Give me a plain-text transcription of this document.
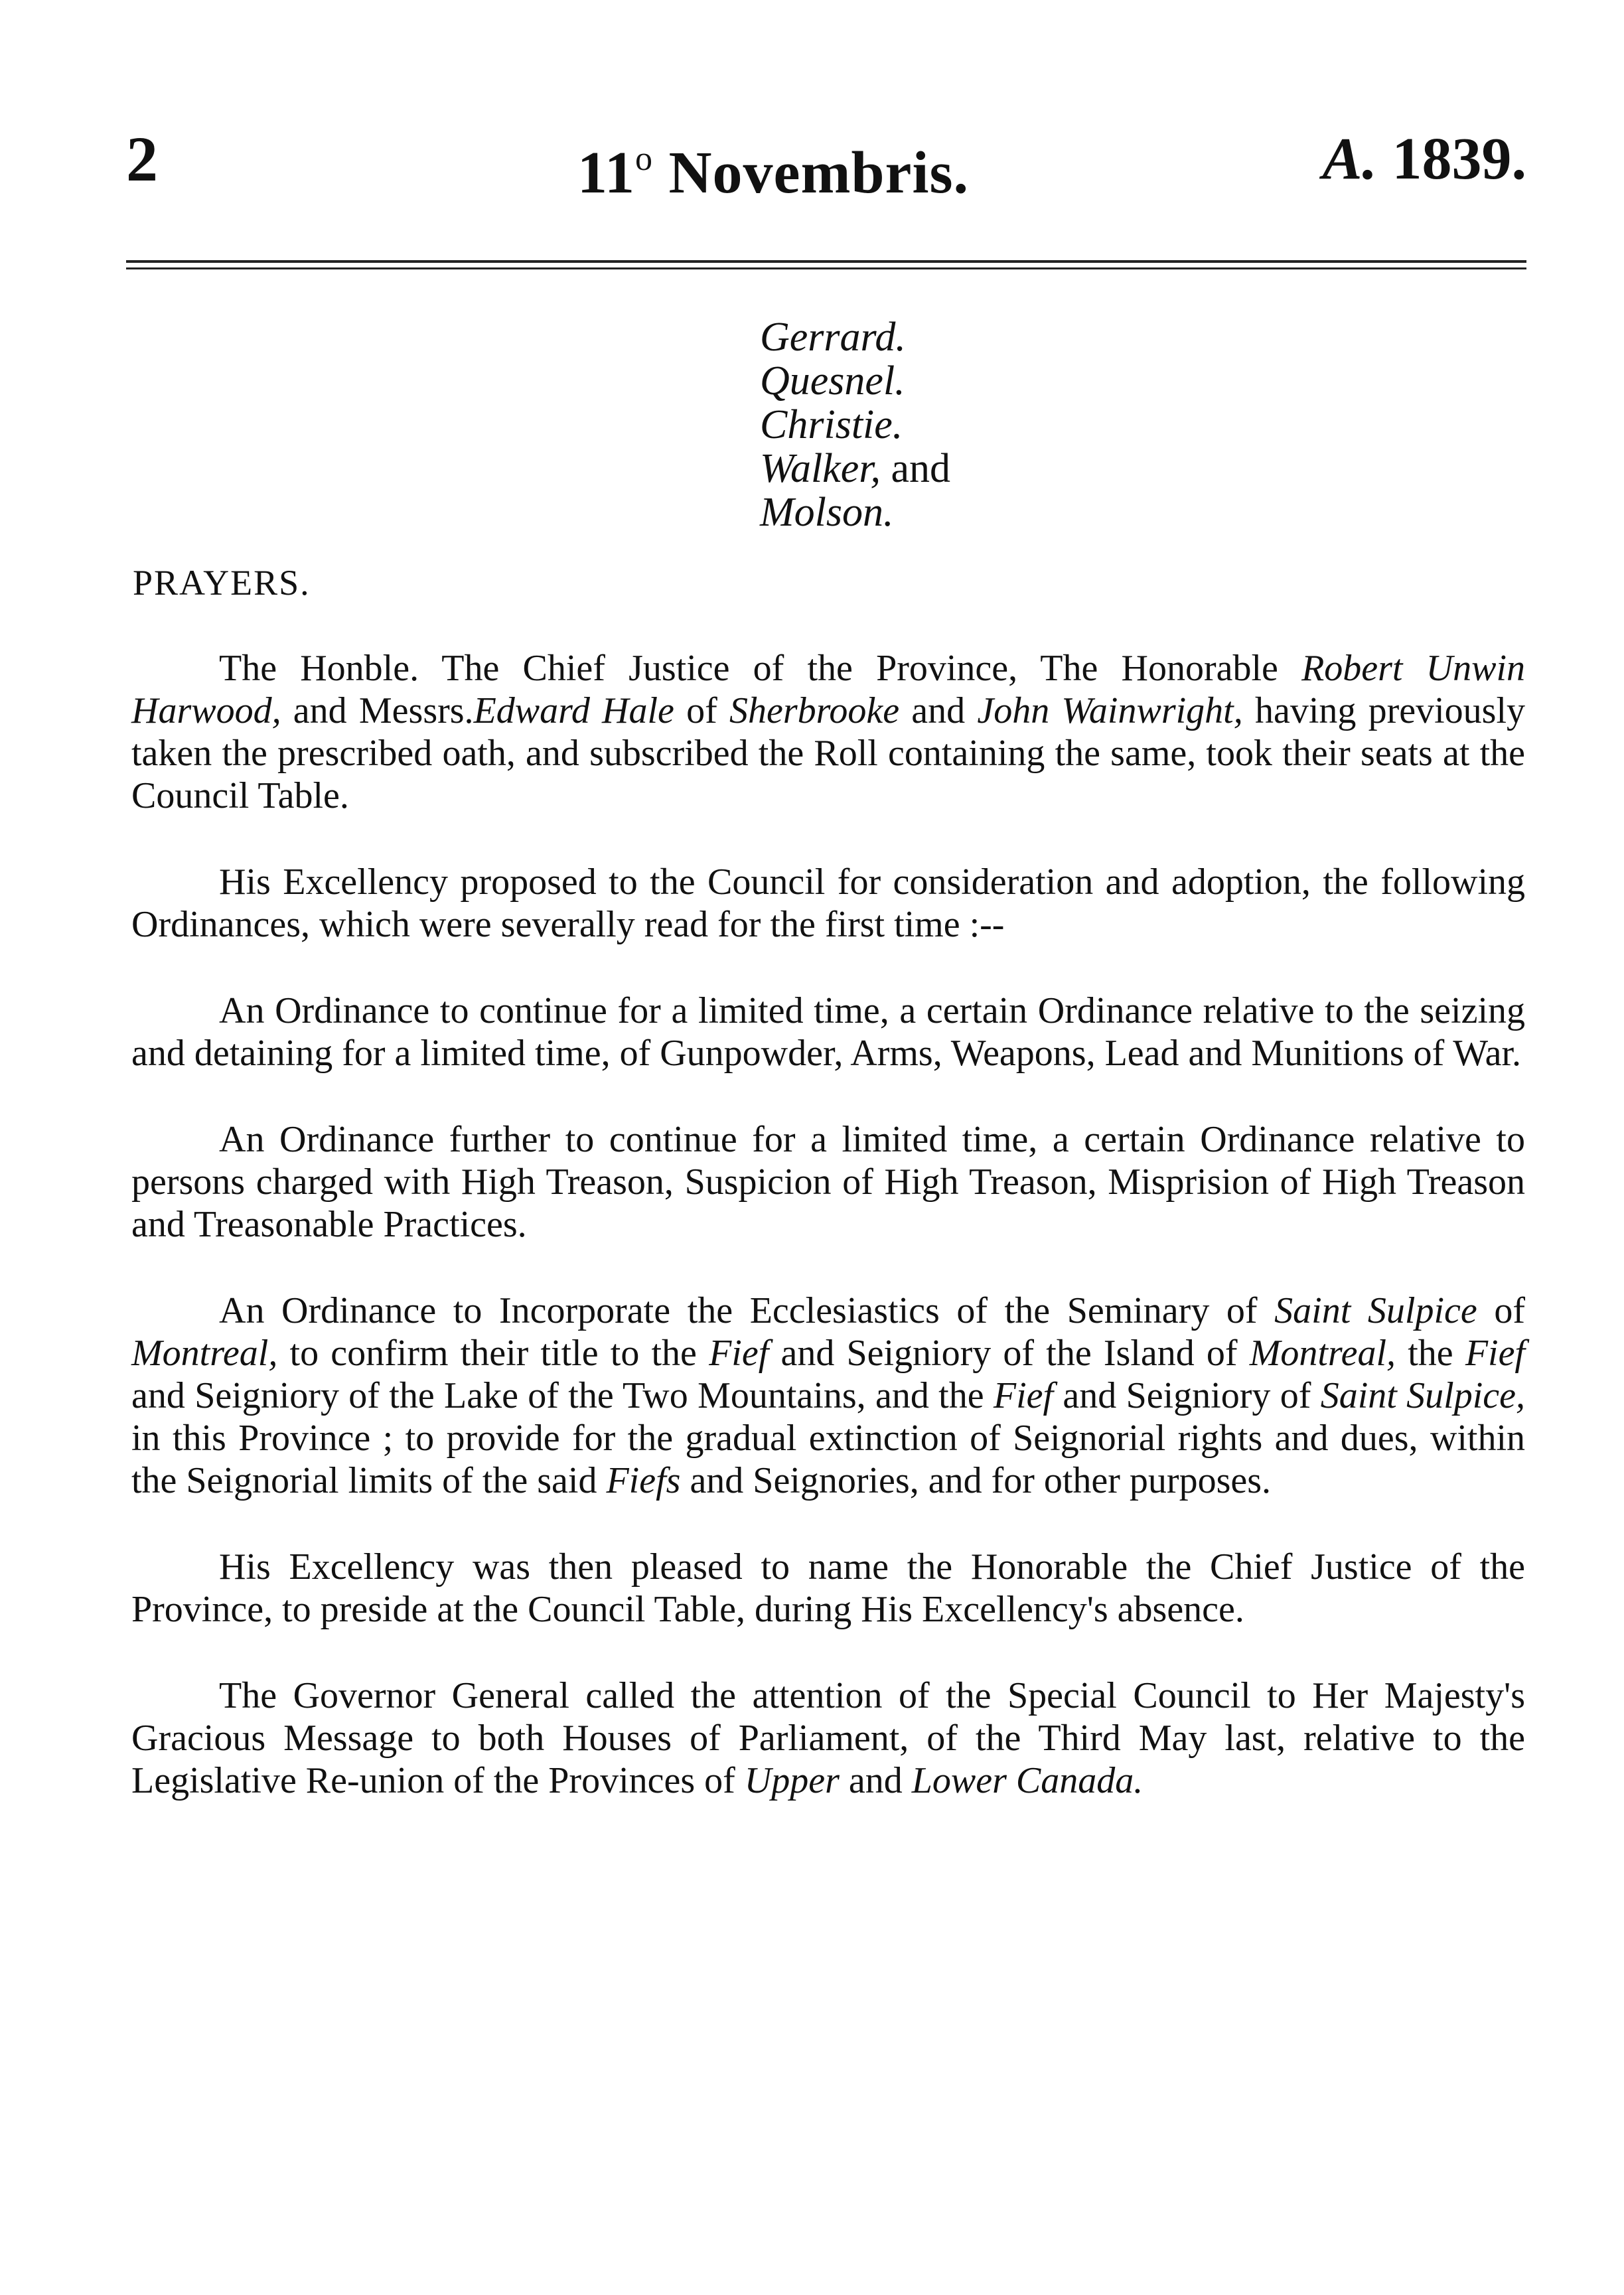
2	11$^o$ Novembris.	A. 1839.
Gerrard.
Quesnel.
Christie.
Walker, and
Molson.
PRAYERS.

The Honble. The Chief Justice of the Province, The Honorable Robert Unwin Harwood, and Messrs.Edward Hale of Sherbrooke and John Wainwright, having previously taken the prescribed oath, and subscribed the Roll containing the same, took their seats at the Council Table.

His Excellency proposed to the Council for consideration and adoption, the following Ordinances, which were severally read for the first time :--

An Ordinance to continue for a limited time, a certain Ordinance relative to the seizing and detaining for a limited time, of Gunpowder, Arms, Weapons, Lead and Munitions of War.

An Ordinance further to continue for a limited time, a certain Ordinance relative to persons charged with High Treason, Suspicion of High Treason, Misprision of High Treason and Treasonable Practices.

An Ordinance to Incorporate the Ecclesiastics of the Seminary of Saint Sulpice of Montreal, to confirm their title to the Fief and Seigniory of the Island of Montreal, the Fief and Seigniory of the Lake of the Two Mountains, and the Fief and Seigniory of Saint Sulpice, in this Province ; to provide for the gradual extinction of Seignorial rights and dues, within the Seignorial limits of the said Fiefs and Seignories, and for other purposes.

His Excellency was then pleased to name the Honorable the Chief Justice of the Province, to preside at the Council Table, during His Excellency's absence.

The Governor General called the attention of the Special Council to Her Majesty's Gracious Message to both Houses of Parliament, of the Third May last, relative to the Legislative Re-union of the Provinces of Upper and Lower Canada.
